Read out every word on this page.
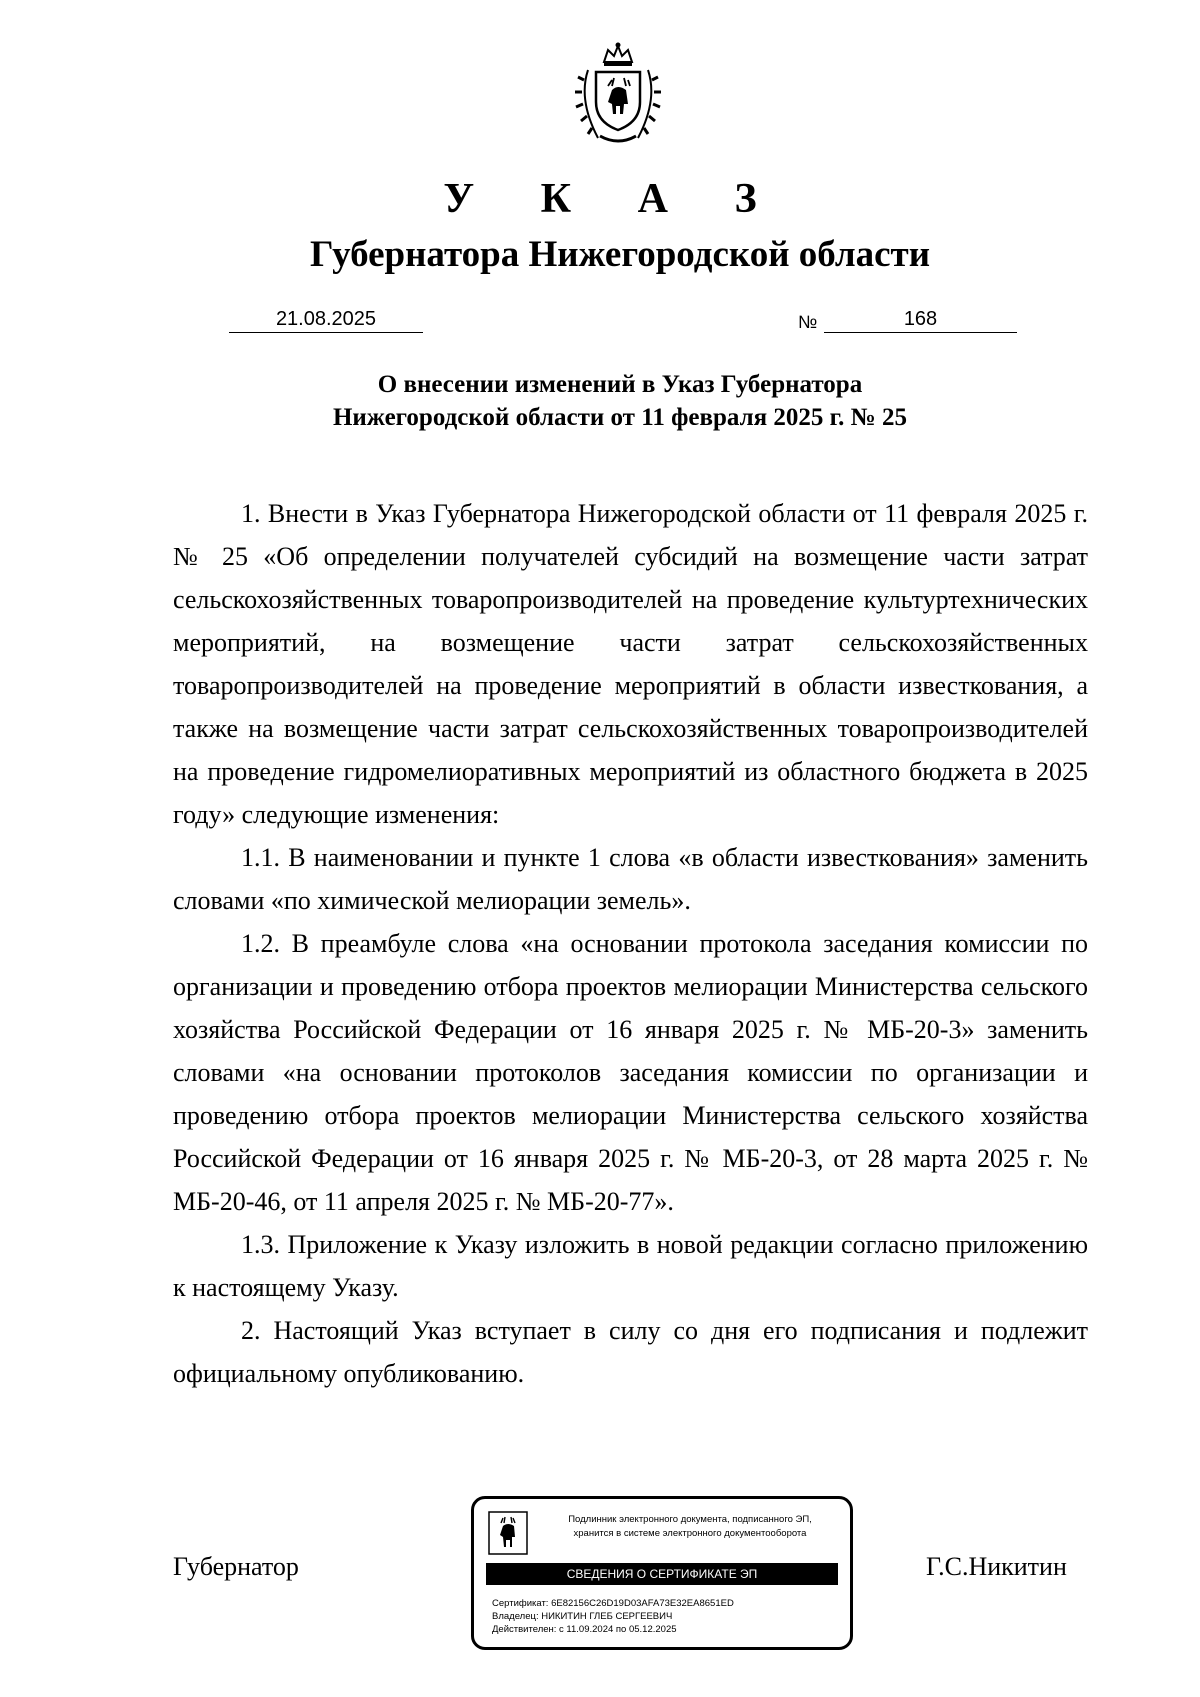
У К А З
Губернатора Нижегородской области
21.08.2025	№	168
О внесении изменений в Указ Губернатора
Нижегородской области от 11 февраля 2025 г. № 25

1. Внести в Указ Губернатора Нижегородской области от 11 февраля 2025 г. № 25 «Об определении получателей субсидий на возмещение части затрат сельскохозяйственных товаропроизводителей на проведение культуртехнических мероприятий, на возмещение части затрат сельскохозяйственных товаропроизводителей на проведение мероприятий в области известкования, а также на возмещение части затрат сельскохозяйственных товаропроизводителей на проведение гидромелиоративных мероприятий из областного бюджета в 2025 году» следующие изменения:

1.1. В наименовании и пункте 1 слова «в области известкования» заменить словами «по химической мелиорации земель».

1.2. В преамбуле слова «на основании протокола заседания комиссии по организации и проведению отбора проектов мелиорации Министерства сельского хозяйства Российской Федерации от 16 января 2025 г. № МБ-20-3» заменить словами «на основании протоколов заседания комиссии по организации и проведению отбора проектов мелиорации Министерства сельского хозяйства Российской Федерации от 16 января 2025 г. № МБ-20-3, от 28 марта 2025 г. № МБ-20-46, от 11 апреля 2025 г. № МБ-20-77».

1.3. Приложение к Указу изложить в новой редакции согласно приложению к настоящему Указу.

2. Настоящий Указ вступает в силу со дня его подписания и подлежит официальному опубликованию.

Губернатор	Г.С.Никитин
Подлинник электронного документа, подписанного ЭП,
хранится в системе электронного документооборота
СВЕДЕНИЯ О СЕРТИФИКАТЕ ЭП
Сертификат: 6E82156C26D19D03AFA73E32EA8651ED
Владелец: НИКИТИН ГЛЕБ СЕРГЕЕВИЧ
Действителен: с 11.09.2024 по 05.12.2025
